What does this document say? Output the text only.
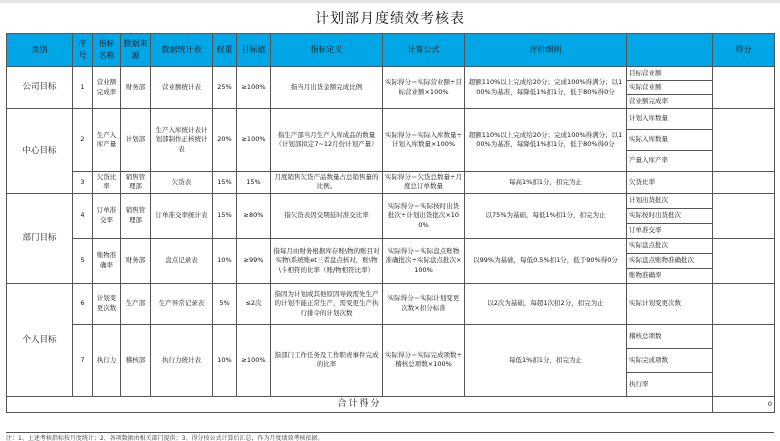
计划部月度绩效考核表
类别	序号	指标名称	数据来源	数据统计表	权重	目标值	指标定义	计算公式	评价细则		得分
公司目标	1	营业额完成率	财务部	营业额统计表	25%	≥100%	指当月出货金额完成比例	实际得分＝实际营业额÷目标营业额×100%	超额110%以上完成给20分；完成100%得满分；以100%为基准，每降低1%扣1分，低于80%得0分	目标营业额	
										实际营业额	
										营业额完成率	
中心目标	2	生产入库产量	计划部	生产入库统计表计划部制作正核统计表	20%	≥100%	指生产部当月生产入库成品的数量（计划部拟定7~12月份计划产量）	实际得分＝实际入库数量÷计划入库数量×100%	超额110%以上完成给20分；完成100%得满分；以100%为基准，每降低1%扣1分，低于80%得0分	计划入库数量	
										实际入库数量	
										产量入库产率	
	3	欠货比率	销售管理部	欠货表	15%	15%	月度销售欠货产品数量占总销售量的比例。	实际得分＝欠货总数量÷月度总订单数量	每高1%扣1分，扣完为止	欠货比率	
部门目标	4	订单准交率	销售管理部	订单准交率统计表	15%	≥80%	指欠货表因交期延时准交比率	实际得分＝实际按时出货批次÷计划出货批次×100%	以75%为基础，每低1%扣1分，扣完为止	计划出货批次	
										实际按时出货批次	
										订单准交率	
	5	账物准确率	财务部	盘点记录表	10%	≥99%	指每月由财务根据库存账\物的账目对实物\系统账et三者盘点核对，账\物\卡相符的比率（账/物相符比率）	实际得分＝实际盘点账物准确批次÷实际盘点批次×100%	以99%为基础，每低0.5%扣1分，低于90%得0分	实际盘点批次	
										实际盘点账物准确批次	
										账物准确率	
个人目标	6	计划变更次数	生产部	生产异常记录表	5%	≤2次	指因为计划或其他原因导致需先生产的计划不能正常生产，需变更生产执行排令的计划次数	实际得分＝实际计划变更次数×扣分标准	以2次为基础，每超1次扣2分，扣完为止	实际计划变更次数	
	7	执行力	稽核部	执行力统计表	10%	≥100%	指部门工作任务及工作职责事件完成的比率	实际得分＝实际完成项数÷稽核总项数×100%	每低1%扣1分，扣完为止	稽核总项数	
										实际完成项数	
										执行率	
合计得分											0
注：1、上述考核指标按月度统计；2、各项数据由相关部门提供；3、得分按公式计算后汇总，作为月度绩效考核依据。
